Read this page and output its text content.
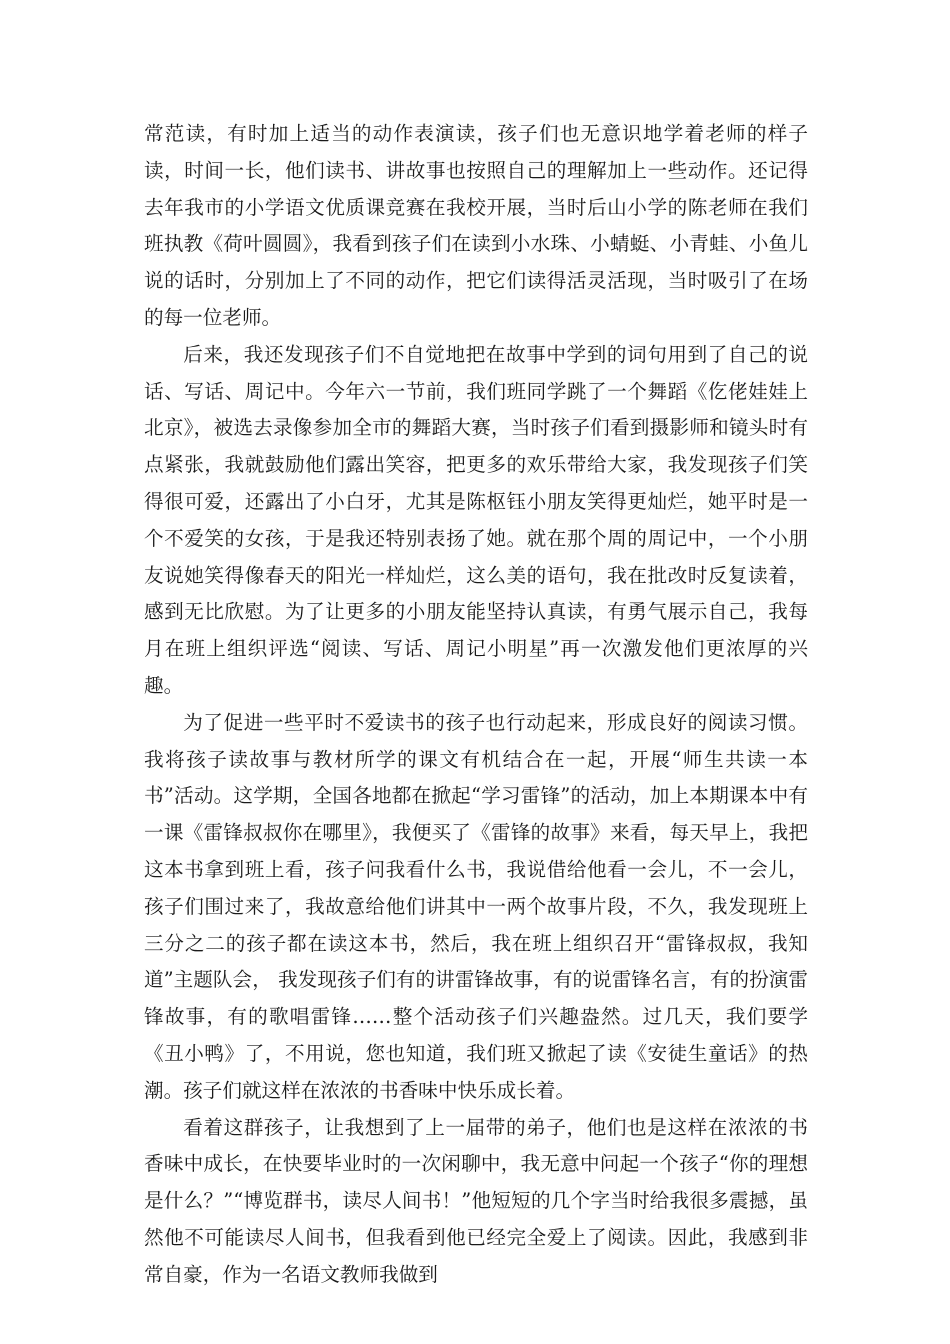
常范读，有时加上适当的动作表演读，孩子们也无意识地学着老师的样子读，时间一长，他们读书、讲故事也按照自己的理解加上一些动作。还记得去年我市的小学语文优质课竞赛在我校开展，当时后山小学的陈老师在我们班执教《荷叶圆圆》，我看到孩子们在读到小水珠、小蜻蜓、小青蛙、小鱼儿说的话时，分别加上了不同的动作，把它们读得活灵活现，当时吸引了在场的每一位老师。

后来，我还发现孩子们不自觉地把在故事中学到的词句用到了自己的说话、写话、周记中。今年六一节前，我们班同学跳了一个舞蹈《仡佬娃娃上北京》，被选去录像参加全市的舞蹈大赛，当时孩子们看到摄影师和镜头时有点紧张，我就鼓励他们露出笑容，把更多的欢乐带给大家，我发现孩子们笑得很可爱，还露出了小白牙，尤其是陈枢钰小朋友笑得更灿烂，她平时是一个不爱笑的女孩，于是我还特别表扬了她。就在那个周的周记中，一个小朋友说她笑得像春天的阳光一样灿烂，这么美的语句，我在批改时反复读着，感到无比欣慰。为了让更多的小朋友能坚持认真读，有勇气展示自己，我每月在班上组织评选“阅读、写话、周记小明星”再一次激发他们更浓厚的兴趣。

为了促进一些平时不爱读书的孩子也行动起来，形成良好的阅读习惯。我将孩子读故事与教材所学的课文有机结合在一起，开展“师生共读一本书”活动。这学期，全国各地都在掀起“学习雷锋”的活动，加上本期课本中有一课《雷锋叔叔你在哪里》，我便买了《雷锋的故事》来看，每天早上，我把这本书拿到班上看，孩子问我看什么书，我说借给他看一会儿，不一会儿，孩子们围过来了，我故意给他们讲其中一两个故事片段，不久，我发现班上三分之二的孩子都在读这本书，然后，我在班上组织召开“雷锋叔叔，我知道”主题队会， 我发现孩子们有的讲雷锋故事，有的说雷锋名言，有的扮演雷锋故事，有的歌唱雷锋……整个活动孩子们兴趣盎然。过几天，我们要学《丑小鸭》了，不用说，您也知道，我们班又掀起了读《安徒生童话》的热潮。孩子们就这样在浓浓的书香味中快乐成长着。

看着这群孩子，让我想到了上一届带的弟子，他们也是这样在浓浓的书香味中成长，在快要毕业时的一次闲聊中，我无意中问起一个孩子“你的理想是什么？”“博览群书，读尽人间书！”他短短的几个字当时给我很多震撼，虽然他不可能读尽人间书，但我看到他已经完全爱上了阅读。因此，我感到非常自豪，作为一名语文教师我做到
